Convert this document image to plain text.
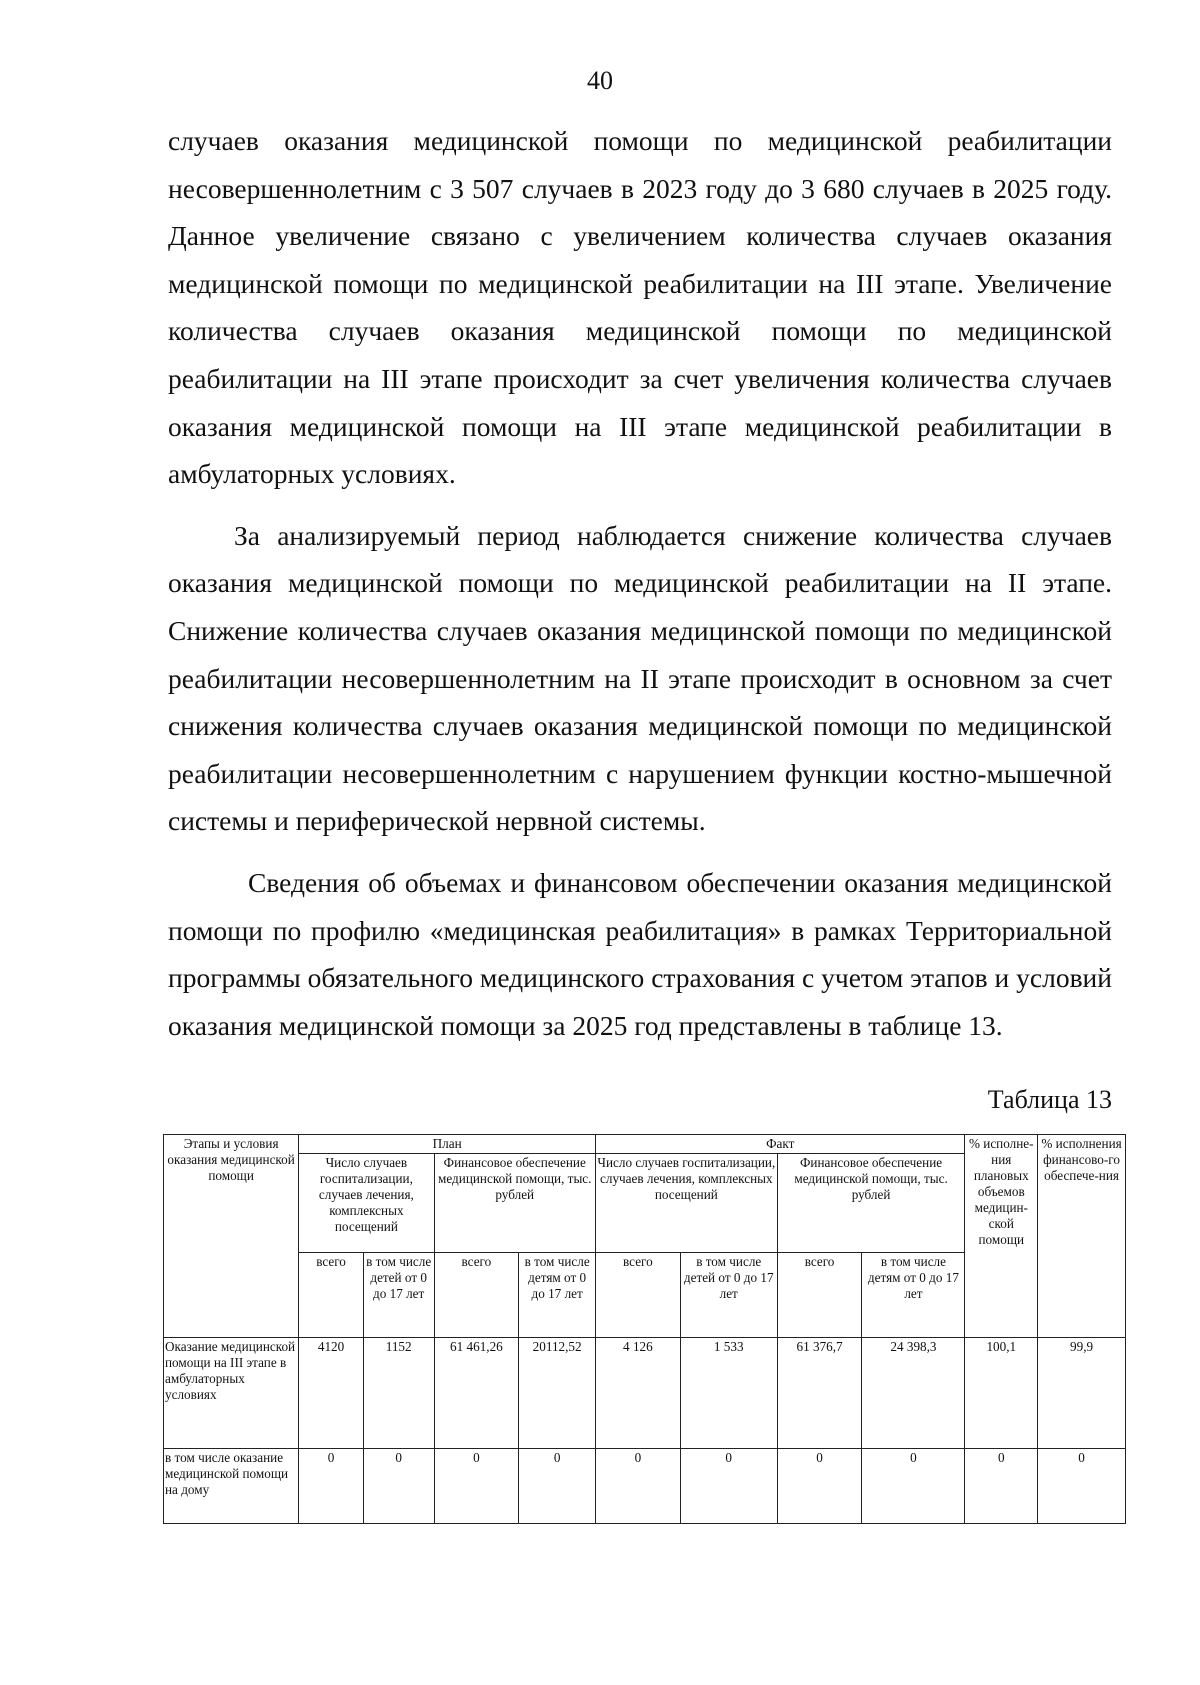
40

случаев оказания медицинской помощи по медицинской реабилитации несовершеннолетним с 3 507 случаев в 2023 году до 3 680 случаев в 2025 году. Данное увеличение связано с увеличением количества случаев оказания медицинской помощи по медицинской реабилитации на III этапе. Увеличение количества случаев оказания медицинской помощи по медицинской реабилитации на III этапе происходит за счет увеличения количества случаев оказания медицинской помощи на III этапе медицинской реабилитации в амбулаторных условиях.

За анализируемый период наблюдается снижение количества случаев оказания медицинской помощи по медицинской реабилитации на II этапе. Снижение количества случаев оказания медицинской помощи по медицинской реабилитации несовершеннолетним на II этапе происходит в основном за счет снижения количества случаев оказания медицинской помощи по медицинской реабилитации несовершеннолетним с нарушением функции костно-мышечной системы и периферической нервной системы.

Сведения об объемах и финансовом обеспечении оказания медицинской помощи по профилю «медицинская реабилитация» в рамках Территориальной программы обязательного медицинского страхования с учетом этапов и условий оказания медицинской помощи за 2025 год представлены в таблице 13.

Таблица 13
Этапы и условия оказания медицинской помощи	План				Факт				% исполне-ния плановых объемов медицин-ской помощи	% исполнения финансово-го обеспече-ния
	Число случаев госпитализации, случаев лечения, комплексных посещений		Финансовое обеспечение медицинской помощи, тыс. рублей		Число случаев госпитализации, случаев лечения, комплексных посещений		Финансовое обеспечение медицинской помощи, тыс. рублей			
	всего	в том числе детей от 0 до 17 лет	всего	в том числе детям от 0 до 17 лет	всего	в том числе детей от 0 до 17 лет	всего	в том числе детям от 0 до 17 лет		
Оказание медицинской помощи на III этапе в амбулаторных условиях	4120	1152	61 461,26	20112,52	4 126	1 533	61 376,7	24 398,3	100,1	99,9
в том числе оказание медицинской помощи на дому	0	0	0	0	0	0	0	0	0	0
